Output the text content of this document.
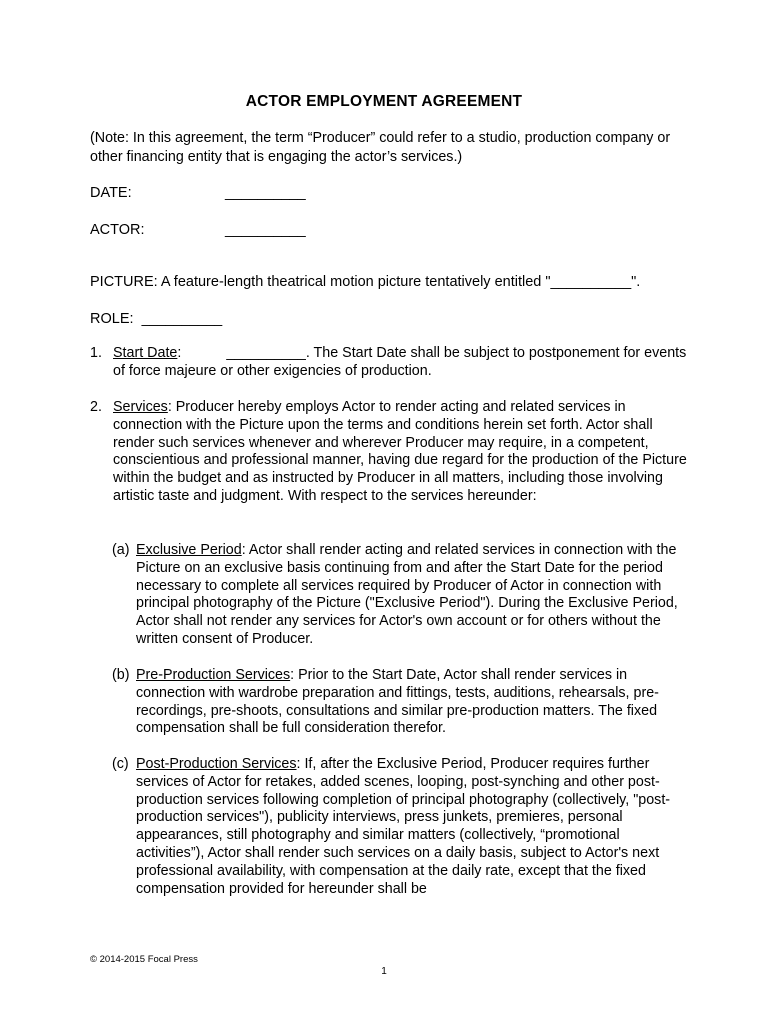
ACTOR EMPLOYMENT AGREEMENT
(Note: In this agreement, the term “Producer” could refer to a studio, production company or other financing entity that is engaging the actor’s services.)
DATE:	__________
ACTOR:	__________
PICTURE: A feature-length theatrical motion picture tentatively entitled "__________".
ROLE: __________
1. Start Date:	__________. The Start Date shall be subject to postponement for events of force majeure or other exigencies of production.
2. Services: Producer hereby employs Actor to render acting and related services in connection with the Picture upon the terms and conditions herein set forth. Actor shall render such services whenever and wherever Producer may require, in a competent, conscientious and professional manner, having due regard for the production of the Picture within the budget and as instructed by Producer in all matters, including those involving artistic taste and judgment. With respect to the services hereunder:
(a) Exclusive Period: Actor shall render acting and related services in connection with the Picture on an exclusive basis continuing from and after the Start Date for the period necessary to complete all services required by Producer of Actor in connection with principal photography of the Picture ("Exclusive Period"). During the Exclusive Period, Actor shall not render any services for Actor's own account or for others without the written consent of Producer.
(b) Pre-Production Services: Prior to the Start Date, Actor shall render services in connection with wardrobe preparation and fittings, tests, auditions, rehearsals, pre-recordings, pre-shoots, consultations and similar pre-production matters. The fixed compensation shall be full consideration therefor.
(c) Post-Production Services: If, after the Exclusive Period, Producer requires further services of Actor for retakes, added scenes, looping, post-synching and other post-production services following completion of principal photography (collectively, "post-production services"), publicity interviews, press junkets, premieres, personal appearances, still photography and similar matters (collectively, “promotional activities”), Actor shall render such services on a daily basis, subject to Actor's next professional availability, with compensation at the daily rate, except that the fixed compensation provided for hereunder shall be
© 2014-2015 Focal Press
1
